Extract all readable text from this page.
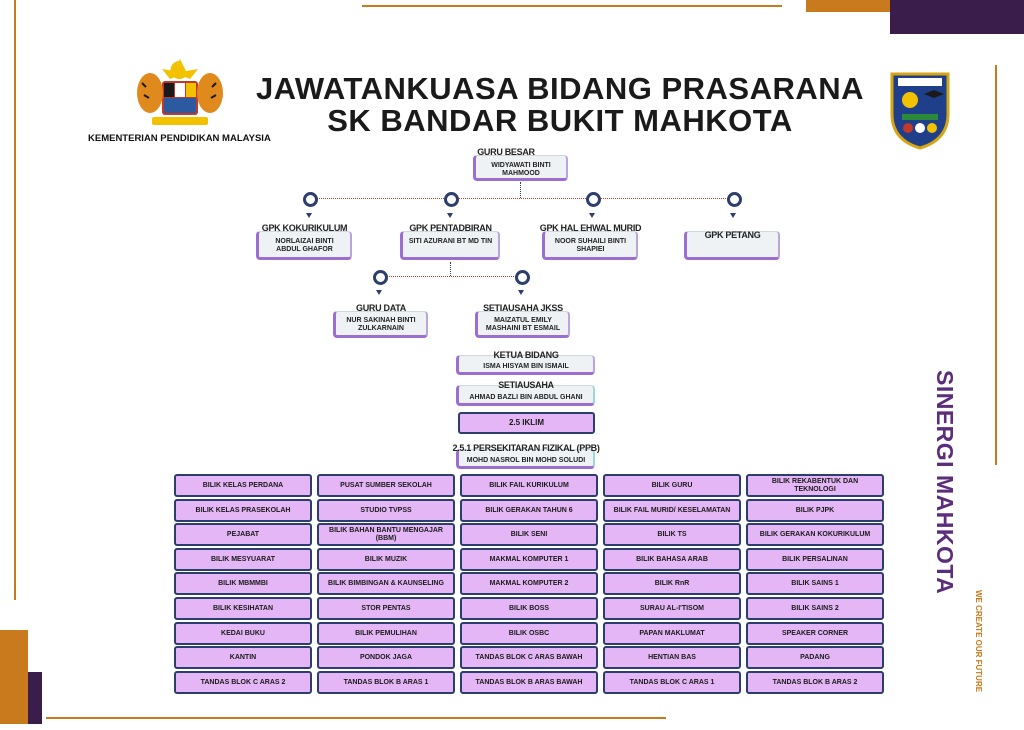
KEMENTERIAN PENDIDIKAN MALAYSIA
JAWATANKUASA BIDANG PRASARANA
SK BANDAR BUKIT MAHKOTA
GURU BESAR
WIDYAWATI BINTI MAHMOOD
GPK KOKURIKULUM
NORLAIZAI BINTI ABDUL GHAFOR
GPK PENTADBIRAN
SITI AZURANI BT MD TIN
GPK HAL EHWAL MURID
NOOR SUHAILI BINTI SHAPIEI
GPK PETANG
GURU DATA
NUR SAKINAH BINTI ZULKARNAIN
SETIAUSAHA JKSS
MAIZATUL EMILY MASHAINI BT ESMAIL
KETUA BIDANG
ISMA HISYAM BIN ISMAIL
SETIAUSAHA
AHMAD BAZLI BIN ABDUL GHANI
2.5 IKLIM
2.5.1 PERSEKITARAN FIZIKAL (PPB)
MOHD NASROL BIN MOHD SOLUDI
BILIK KELAS PERDANA
BILIK KELAS PRASEKOLAH
PEJABAT
BILIK MESYUARAT
BILIK MBMMBI
BILIK KESIHATAN
KEDAI BUKU
KANTIN
TANDAS BLOK C ARAS 2
PUSAT SUMBER SEKOLAH
STUDIO TVPSS
BILIK BAHAN BANTU MENGAJAR (BBM)
BILIK MUZIK
BILIK BIMBINGAN & KAUNSELING
STOR PENTAS
BILIK PEMULIHAN
PONDOK JAGA
TANDAS BLOK B ARAS 1
BILIK FAIL KURIKULUM
BILIK GERAKAN TAHUN 6
BILIK SENI
MAKMAL KOMPUTER 1
MAKMAL KOMPUTER 2
BILIK BOSS
BILIK OSBC
TANDAS BLOK C ARAS BAWAH
TANDAS BLOK B ARAS BAWAH
BILIK GURU
BILIK FAIL MURID/ KESELAMATAN
BILIK TS
BILIK BAHASA ARAB
BILIK RnR
SURAU AL-I'TISOM
PAPAN MAKLUMAT
HENTIAN BAS
TANDAS BLOK C ARAS 1
BILIK REKABENTUK DAN TEKNOLOGI
BILIK PJPK
BILIK GERAKAN KOKURIKULUM
BILIK PERSALINAN
BILIK SAINS 1
BILIK SAINS 2
SPEAKER CORNER
PADANG
TANDAS BLOK B ARAS 2
SINERGI MAHKOTA
WE CREATE OUR FUTURE
